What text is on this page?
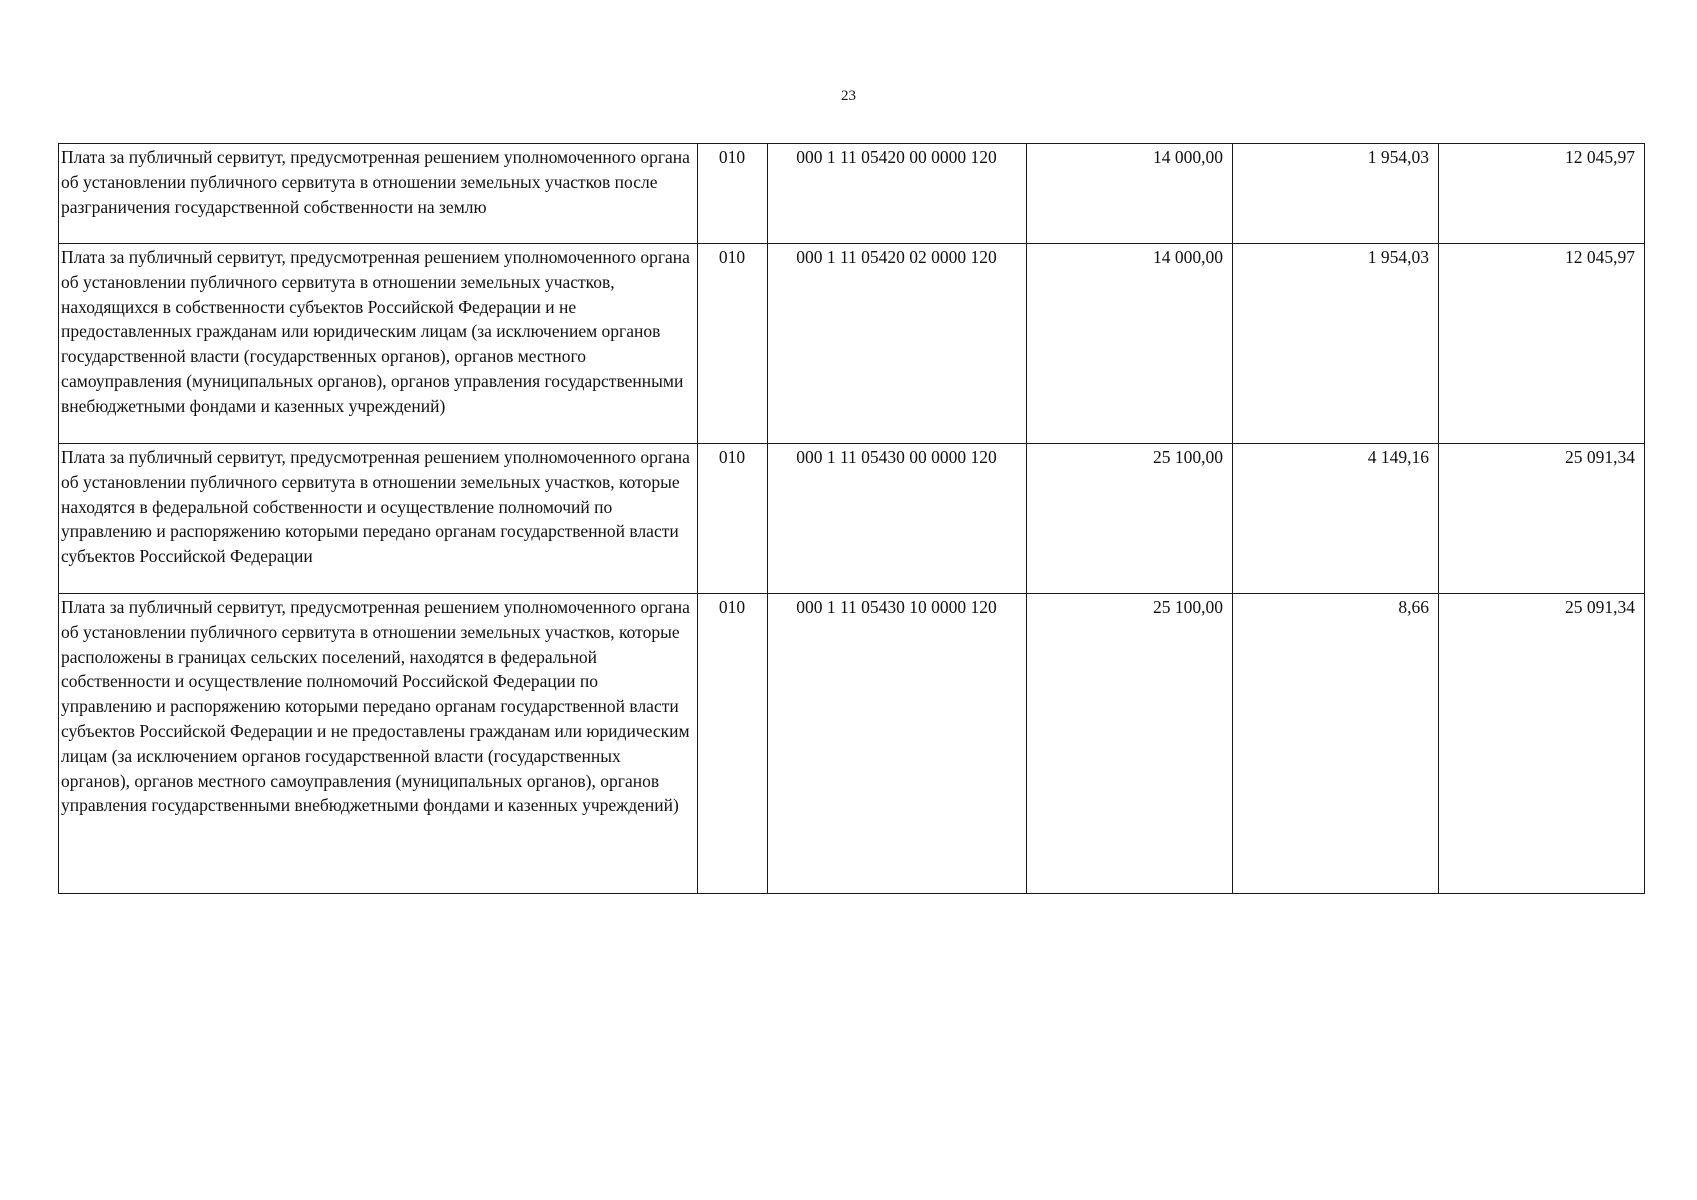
23
Плата за публичный сервитут, предусмотренная решением уполномоченного органа об установлении публичного сервитута в отношении земельных участков после разграничения государственной собственности на землю	010	000 1 11 05420 00 0000 120	14 000,00	1 954,03	12 045,97
Плата за публичный сервитут, предусмотренная решением уполномоченного органа об установлении публичного сервитута в отношении земельных участков, находящихся в собственности субъектов Российской Федерации и не предоставленных гражданам или юридическим лицам (за исключением органов государственной власти (государственных органов), органов местного самоуправления (муниципальных органов), органов управления государственными внебюджетными фондами и казенных учреждений)	010	000 1 11 05420 02 0000 120	14 000,00	1 954,03	12 045,97
Плата за публичный сервитут, предусмотренная решением уполномоченного органа об установлении публичного сервитута в отношении земельных участков, которые находятся в федеральной собственности и осуществление полномочий по управлению и распоряжению которыми передано органам государственной власти субъектов Российской Федерации	010	000 1 11 05430 00 0000 120	25 100,00	4 149,16	25 091,34
Плата за публичный сервитут, предусмотренная решением уполномоченного органа об установлении публичного сервитута в отношении земельных участков, которые расположены в границах сельских поселений, находятся в федеральной собственности и осуществление полномочий Российской Федерации по управлению и распоряжению которыми передано органам государственной власти субъектов Российской Федерации и не предоставлены гражданам или юридическим лицам (за исключением органов государственной власти (государственных органов), органов местного самоуправления (муниципальных органов), органов управления государственными внебюджетными фондами и казенных учреждений)	010	000 1 11 05430 10 0000 120	25 100,00	8,66	25 091,34
